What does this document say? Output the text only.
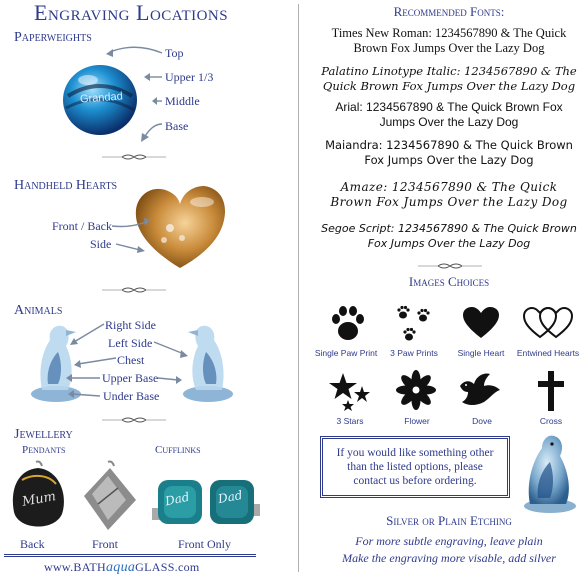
Engraving Locations
Paperweights
Grandad
Top
Upper 1/3
Middle
Base
Handheld Hearts
Front / Back
Side
Animals
Right Side
Left Side
Chest
Upper Base
Under Base
Jewellery
Pendants	Cufflinks
Mum	Dad Dad
Back	Front	Front Only
www.BATHaquaGLASS.com
Recommended Fonts:
Times New Roman: 1234567890 & The Quick Brown Fox Jumps Over the Lazy Dog
Palatino Linotype Italic: 1234567890 & The Quick Brown Fox Jumps Over the Lazy Dog
Arial: 1234567890 & The Quick Brown Fox Jumps Over the Lazy Dog
Maiandra: 1234567890 & The Quick Brown Fox Jumps Over the Lazy Dog
Amaze: 1234567890 & The Quick Brown Fox Jumps Over the Lazy Dog
Segoe Script: 1234567890 & The Quick Brown Fox Jumps Over the Lazy Dog
Images Choices
Single Paw Print	3 Paw Prints	Single Heart	Entwined Hearts
3 Stars	Flower	Dove	Cross
If you would like something other than the listed options, please contact us before ordering.
Silver or Plain Etching
For more subtle engraving, leave plain
Make the engraving more visable, add silver
